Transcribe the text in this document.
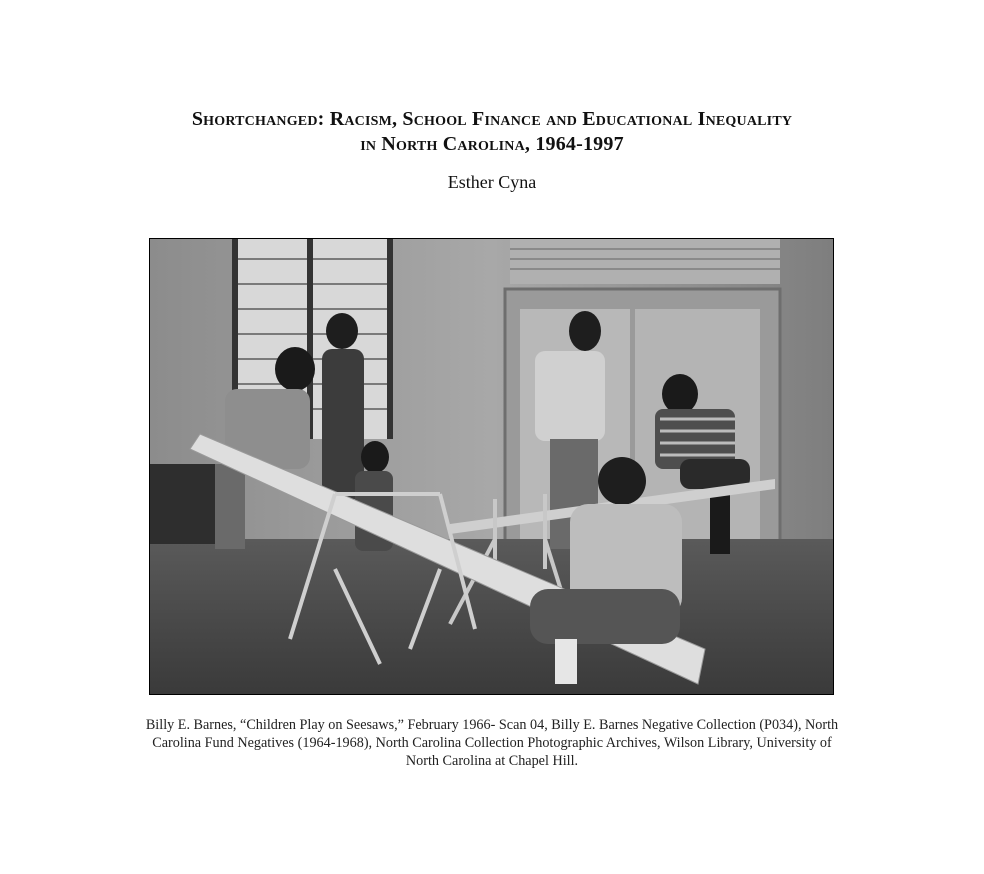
Shortchanged: Racism, School Finance and Educational Inequality
in North Carolina, 1964-1997
Esther Cyna
Billy E. Barnes, “Children Play on Seesaws,” February 1966- Scan 04, Billy E. Barnes Negative Collection (P034), North Carolina Fund Negatives (1964-1968), North Carolina Collection Photographic Archives, Wilson Library, University of North Carolina at Chapel Hill.
